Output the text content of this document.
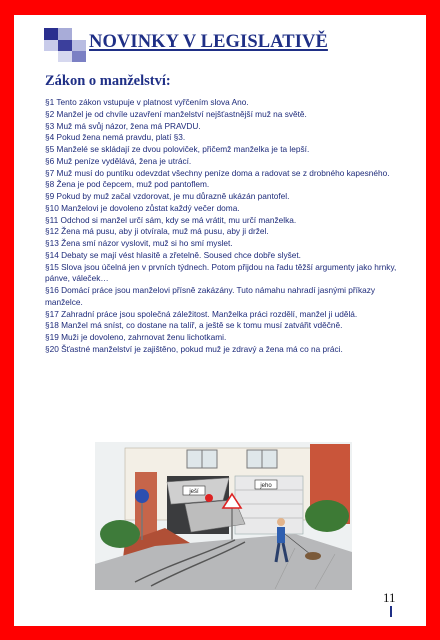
NOVINKY V LEGISLATIVĚ
Zákon o manželství:
§1 Tento zákon vstupuje v platnost vyřčením slova Ano.
§2 Manžel je od chvíle uzavření manželství nejšťastnější muž na světě.
§3 Muž má svůj názor, žena má PRAVDU.
§4 Pokud žena nemá pravdu, platí §3.
§5 Manželé se skládají ze dvou poloviček, přičemž manželka je ta lepší.
§6 Muž peníze vydělává, žena je utrácí.
§7 Muž musí do puntíku odevzdat všechny peníze doma a radovat se z drobného kapesného.
§8 Žena je pod čepcem, muž pod pantoflem.
§9 Pokud by muž začal vzdorovat, je mu důrazně ukázán pantofel.
§10 Manželovi je dovoleno zůstat každý večer doma.
§11 Odchod si manžel určí sám, kdy se má vrátit, mu určí manželka.
§12 Žena má pusu, aby ji otvírala, muž má pusu, aby ji držel.
§13 Žena smí názor vyslovit, muž si ho smí myslet.
§14 Debaty se mají vést hlasitě a zřetelně. Soused chce dobře slyšet.
§15 Slova jsou účelná jen v prvních týdnech. Potom přijdou na řadu těžší argumenty jako hrnky, pánve, váleček…
§16 Domácí práce jsou manželovi přísně zakázány. Tuto námahu nahradí jasnými příkazy manželce.
§17 Zahradní práce jsou společná záležitost. Manželka práci rozdělí, manžel ji udělá.
§18 Manžel má sníst, co dostane na talíř, a ještě se k tomu musí zatvářit vděčně.
§19 Muži je dovoleno, zahrnovat ženu lichotkami.
§20 Šťastné manželství je zajištěno, pokud muž je zdravý a žena má co na práci.
ješí
jeho
11
